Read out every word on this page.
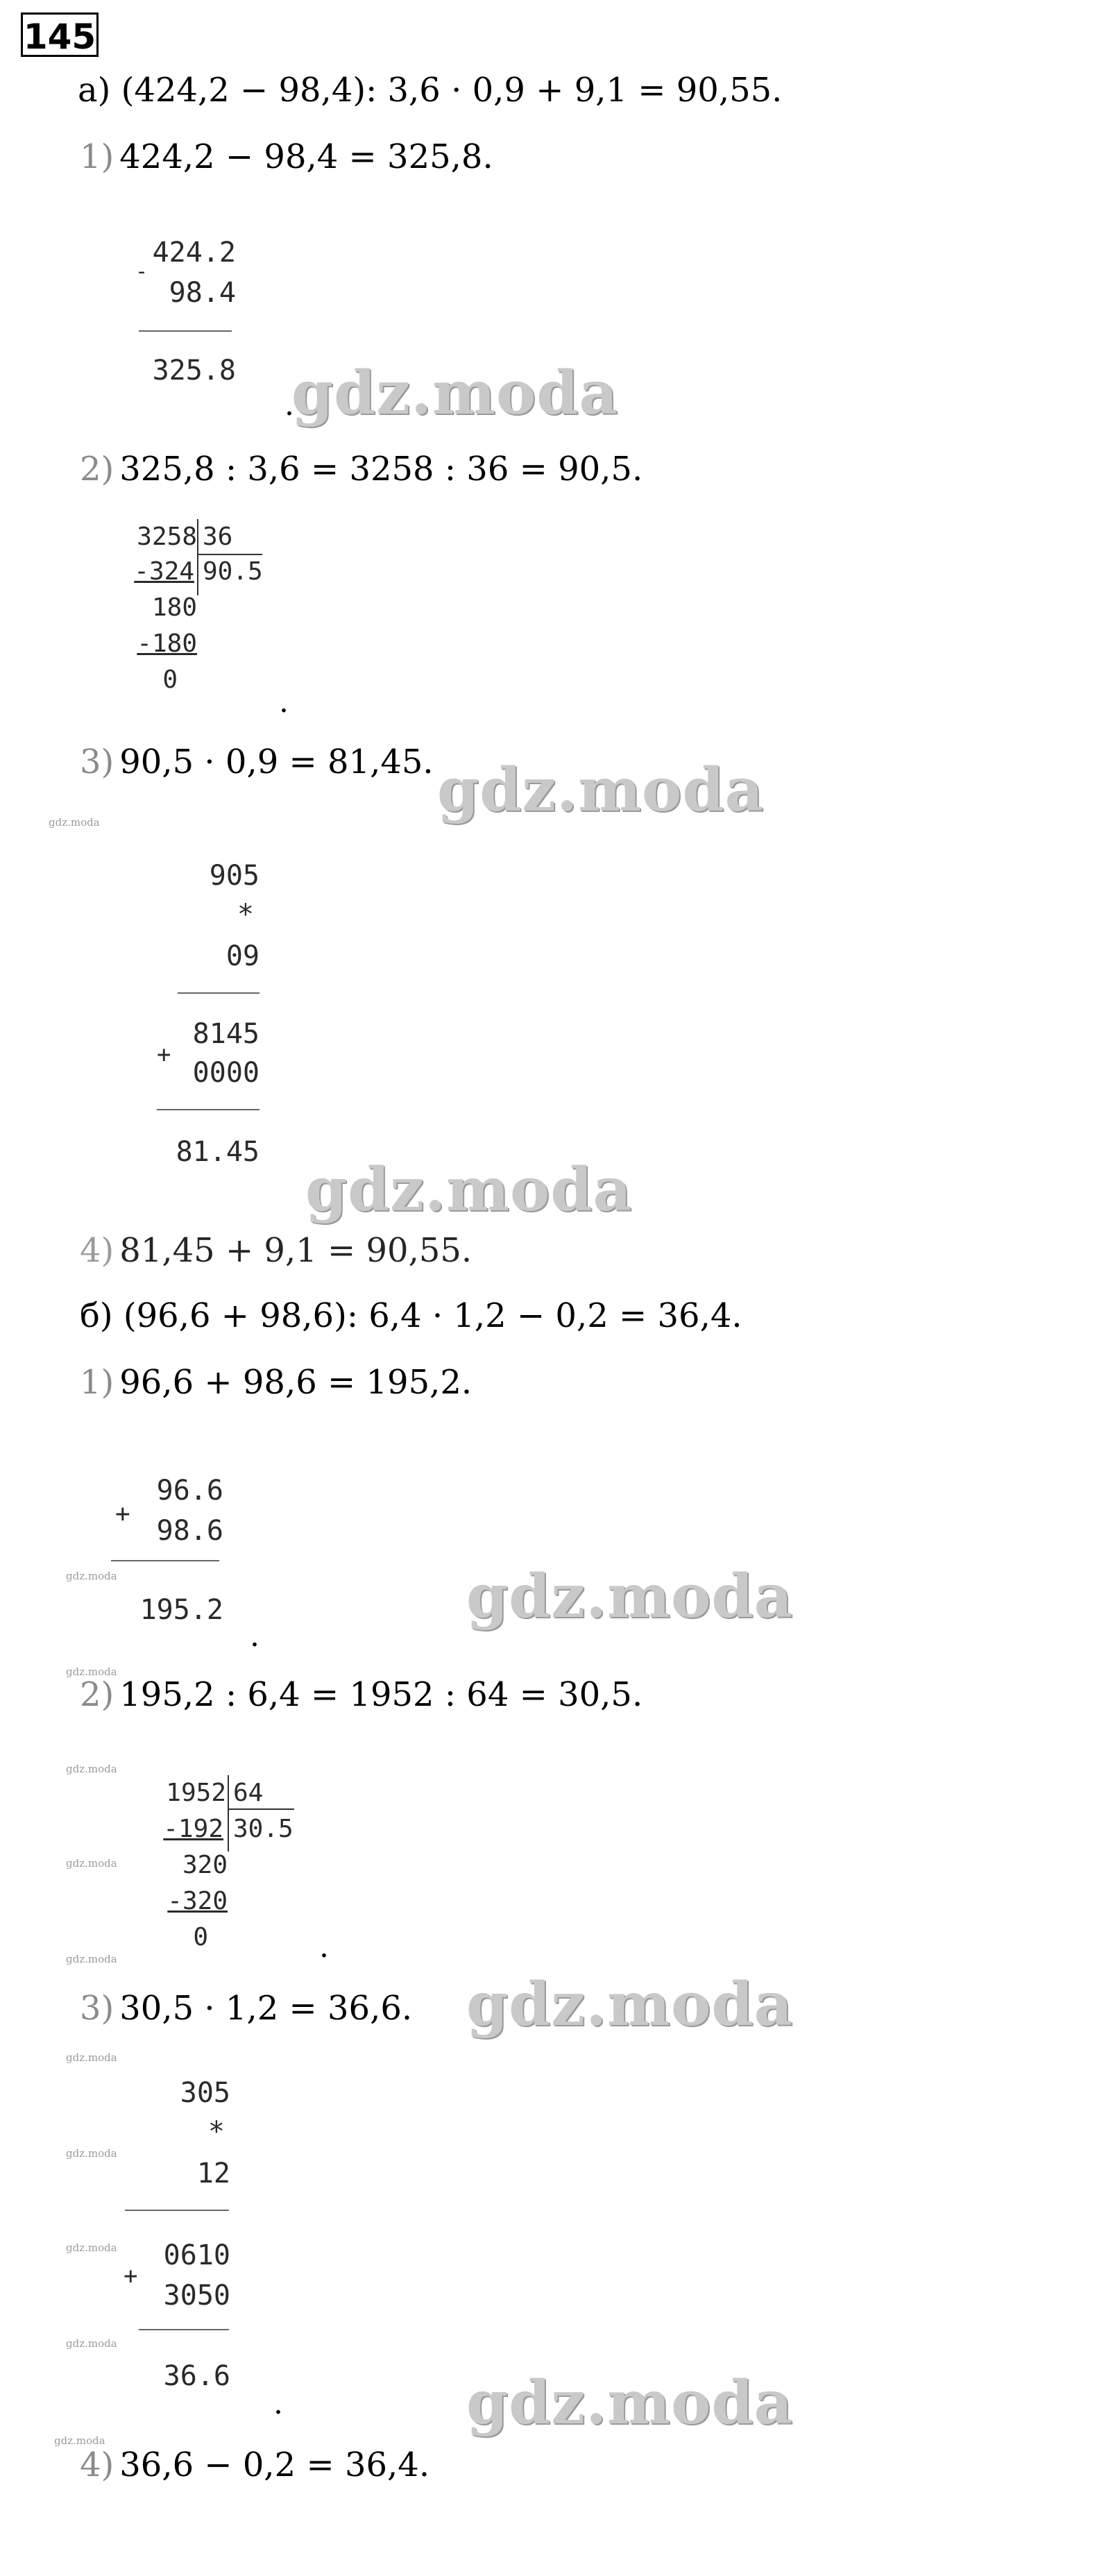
145
а) (424,2 − 98,4): 3,6 · 0,9 + 9,1 = 90,55.
1) 424,2 − 98,4 = 325,8.
424.2
-
98.4
325.8
.
gdz.moda
2) 325,8 : 3,6 = 3258 : 36 = 90,5.
3258 36
-324 90.5
180
-180
0
.
3) 90,5 · 0,9 = 81,45. gdz.moda
gdz.moda
905
*
09
8145
+
0000
81.45
gdz.moda
4) 81,45 + 9,1 = 90,55.
б) (96,6 + 98,6): 6,4 · 1,2 − 0,2 = 36,4.
1) 96,6 + 98,6 = 195,2.
+
96.6
98.6
195.2
.
gdz.moda	gdz.moda
gdz.moda
2) 195,2 : 6,4 = 1952 : 64 = 30,5.
gdz.moda
1952 64
-192 30.5
320
gdz.moda
-320
0	.
gdz.moda
3) 30,5 · 1,2 = 36,6. gdz.moda
gdz.moda
305
*
gdz.moda
12
gdz.moda	0610
+
3050
gdz.moda
36.6
.	gdz.moda
gdz.moda
4) 36,6 − 0,2 = 36,4.
